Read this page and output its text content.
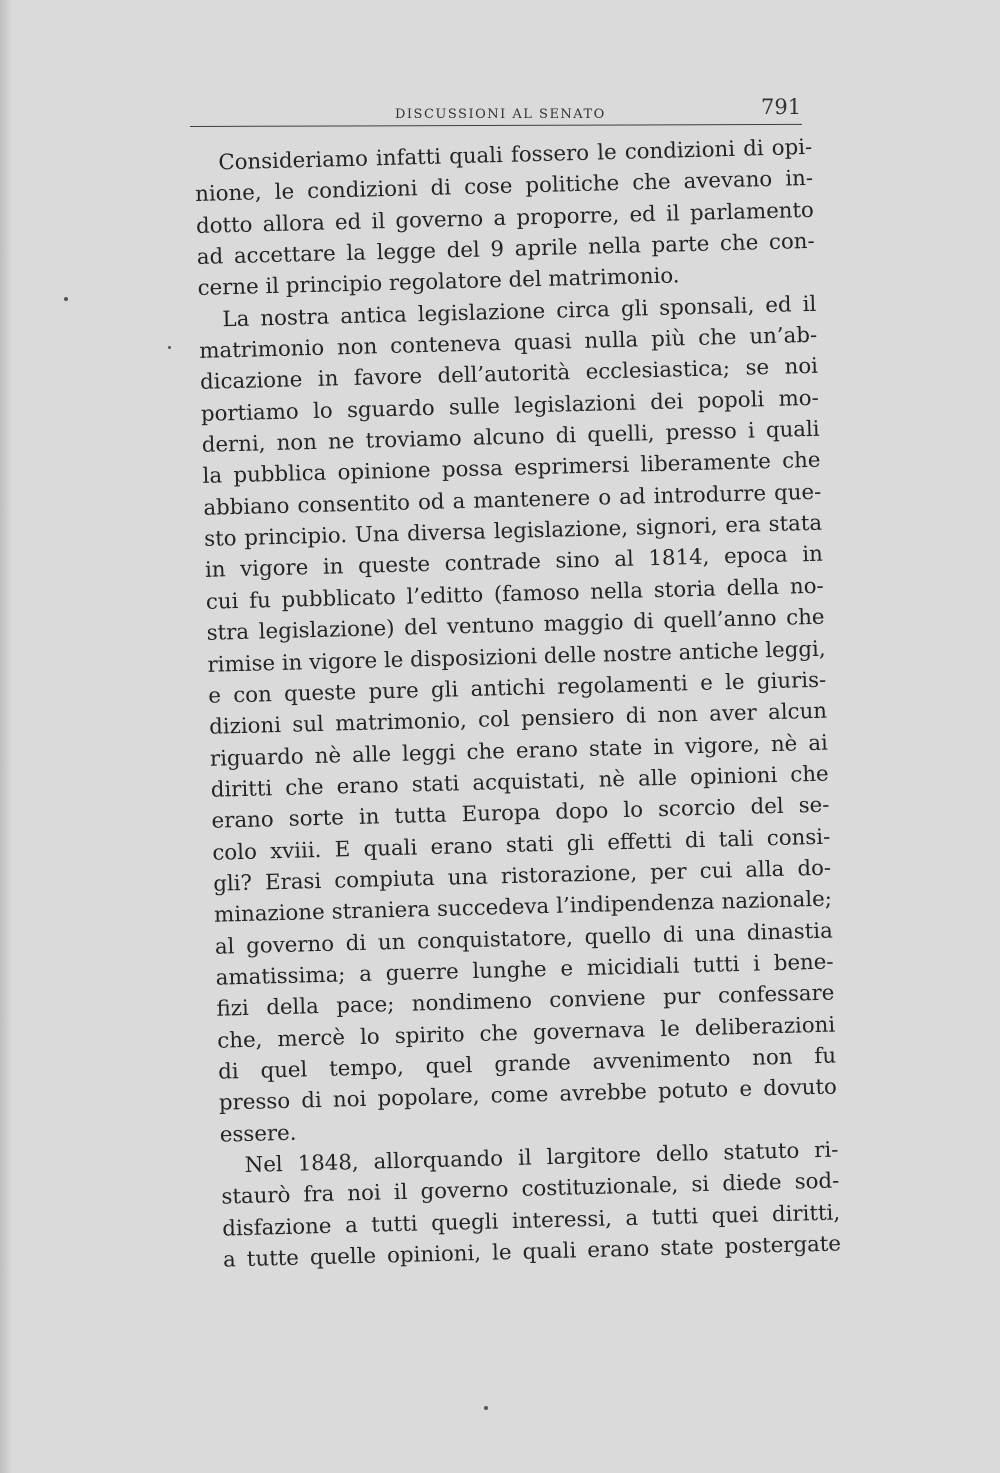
DISCUSSIONI AL SENATO	791
Consideriamo infatti quali fossero le condizioni di opi-
nione, le condizioni di cose politiche che avevano in-
dotto allora ed il governo a proporre, ed il parlamento
ad accettare la legge del 9 aprile nella parte che con-
cerne il principio regolatore del matrimonio.
La nostra antica legislazione circa gli sponsali, ed il
matrimonio non conteneva quasi nulla più che un’ab-
dicazione in favore dell’autorità ecclesiastica; se noi
portiamo lo sguardo sulle legislazioni dei popoli mo-
derni, non ne troviamo alcuno di quelli, presso i quali
la pubblica opinione possa esprimersi liberamente che
abbiano consentito od a mantenere o ad introdurre que-
sto principio. Una diversa legislazione, signori, era stata
in vigore in queste contrade sino al 1814, epoca in
cui fu pubblicato l’editto (famoso nella storia della no-
stra legislazione) del ventuno maggio di quell’anno che
rimise in vigore le disposizioni delle nostre antiche leggi,
e con queste pure gli antichi regolamenti e le giuris-
dizioni sul matrimonio, col pensiero di non aver alcun
riguardo nè alle leggi che erano state in vigore, nè ai
diritti che erano stati acquistati, nè alle opinioni che
erano sorte in tutta Europa dopo lo scorcio del se-
colo xviii. E quali erano stati gli effetti di tali consi-
gli? Erasi compiuta una ristorazione, per cui alla do-
minazione straniera succedeva l’indipendenza nazionale;
al governo di un conquistatore, quello di una dinastia
amatissima; a guerre lunghe e micidiali tutti i bene-
fizi della pace; nondimeno conviene pur confessare
che, mercè lo spirito che governava le deliberazioni
di quel tempo, quel grande avvenimento non fu
presso di noi popolare, come avrebbe potuto e dovuto
essere.
Nel 1848, allorquando il largitore dello statuto ri-
staurò fra noi il governo costituzionale, si diede sod-
disfazione a tutti quegli interessi, a tutti quei diritti,
a tutte quelle opinioni, le quali erano state postergate
